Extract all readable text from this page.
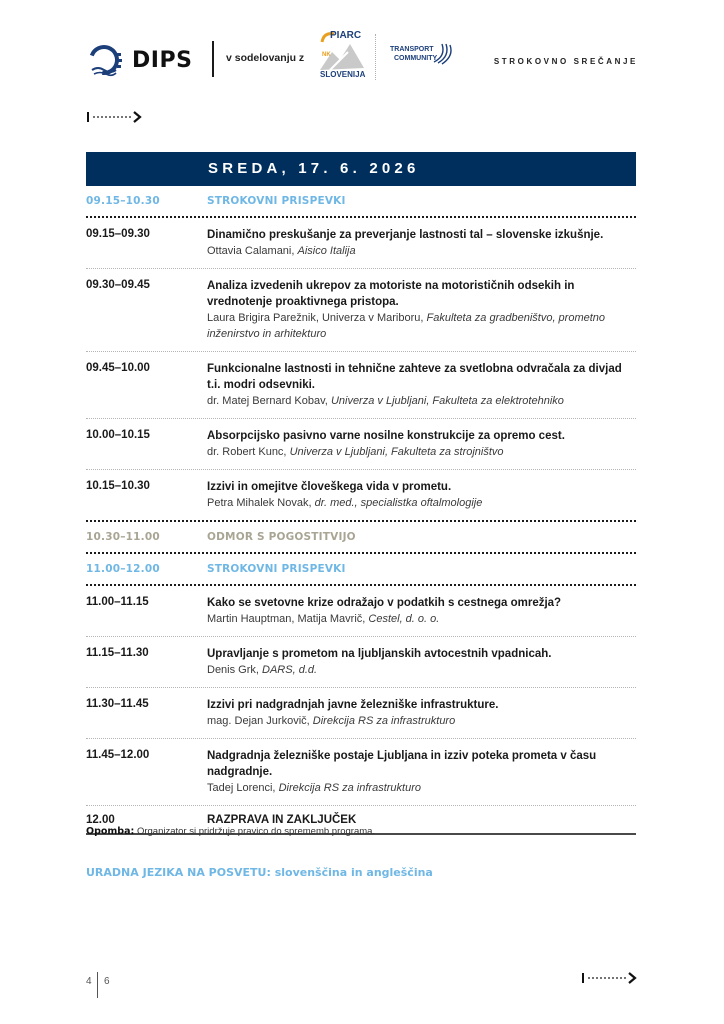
DIPS	v sodelovanju z
PIARC
NK
SLOVENIJA
TRANSPORT
COMMUNITY	STROKOVNO SREČANJE
SREDA, 17. 6. 2026
09.15–10.30	STROKOVNI PRISPEVKI
09.15–09.30	Dinamično preskušanje za preverjanje lastnosti tal – slovenske izkušnje.
Ottavia Calamani, Aisico Italija
09.30–09.45	Analiza izvedenih ukrepov za motoriste na motorističnih odsekih in vrednotenje proaktivnega pristopa.
Laura Brigira Parežnik, Univerza v Mariboru, Fakulteta za gradbeništvo, prometno inženirstvo in arhitekturo
09.45–10.00	Funkcionalne lastnosti in tehnične zahteve za svetlobna odvračala za divjad t.i. modri odsevniki.
dr. Matej Bernard Kobav, Univerza v Ljubljani, Fakulteta za elektrotehniko
10.00–10.15	Absorpcijsko pasivno varne nosilne konstrukcije za opremo cest.
dr. Robert Kunc, Univerza v Ljubljani, Fakulteta za strojništvo
10.15–10.30	Izzivi in omejitve človeškega vida v prometu.
Petra Mihalek Novak, dr. med., specialistka oftalmologije
10.30–11.00	ODMOR S POGOSTITVIJO
11.00–12.00	STROKOVNI PRISPEVKI
11.00–11.15	Kako se svetovne krize odražajo v podatkih s cestnega omrežja?
Martin Hauptman, Matija Mavrič, Cestel, d. o. o.
11.15–11.30	Upravljanje s prometom na ljubljanskih avtocestnih vpadnicah.
Denis Grk, DARS, d.d.
11.30–11.45	Izzivi pri nadgradnjah javne železniške infrastrukture.
mag. Dejan Jurkovič, Direkcija RS za infrastrukturo
11.45–12.00	Nadgradnja železniške postaje Ljubljana in izziv poteka prometa v času nadgradnje.
Tadej Lorenci, Direkcija RS za infrastrukturo
12.00	RAZPRAVA IN ZAKLJUČEK
Opomba: Organizator si pridržuje pravico do sprememb programa.
URADNA JEZIKA NA POSVETU: slovenščina in angleščina
4 6
